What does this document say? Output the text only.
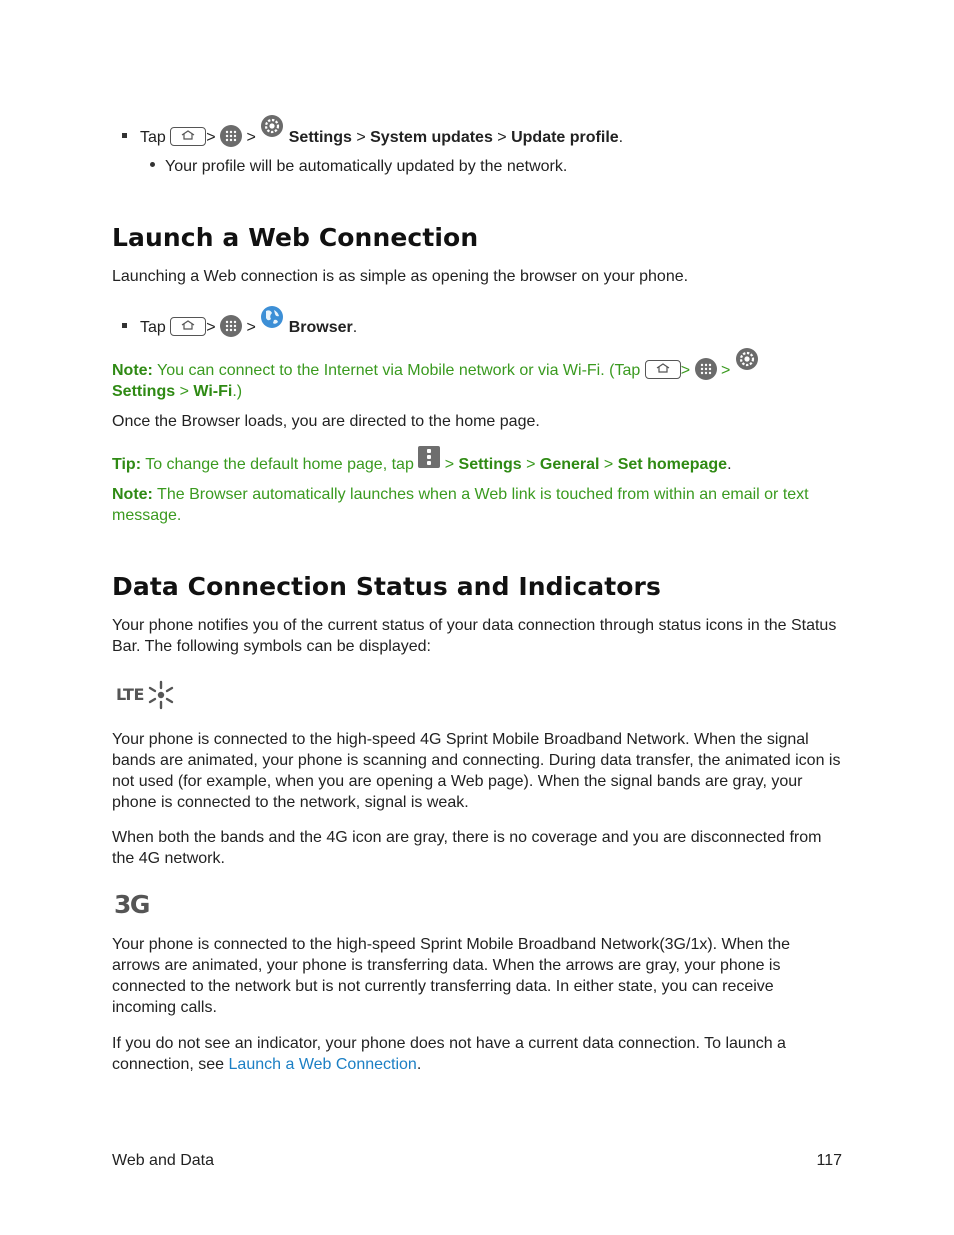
Tap	> > Settings > System updates > Update profile.
Your profile will be automatically updated by the network.
Launch a Web Connection

Launching a Web connection is as simple as opening the browser on your phone.

Tap	> > Browser.
Note: You can connect to the Internet via Mobile network or via Wi-Fi. (Tap	> >
Settings > Wi-Fi.)

Once the Browser loads, you are directed to the home page.

Tip: To change the default home page, tap
> Settings > General > Set homepage.
Note: The Browser automatically launches when a Web link is touched from within an email or text message.
Data Connection Status and Indicators

Your phone notifies you of the current status of your data connection through status icons in the Status Bar. The following symbols can be displayed:

LTE

Your phone is connected to the high-speed 4G Sprint Mobile Broadband Network. When the signal bands are animated, your phone is scanning and connecting. During data transfer, the animated icon is not used (for example, when you are opening a Web page). When the signal bands are gray, your phone is connected to the network, signal is weak.

When both the bands and the 4G icon are gray, there is no coverage and you are disconnected from the 4G network.

3G

Your phone is connected to the high-speed Sprint Mobile Broadband Network(3G/1x). When the arrows are animated, your phone is transferring data. When the arrows are gray, your phone is connected to the network but is not currently transferring data. In either state, you can receive incoming calls.

If you do not see an indicator, your phone does not have a current data connection. To launch a connection, see Launch a Web Connection.

Web and Data	117
